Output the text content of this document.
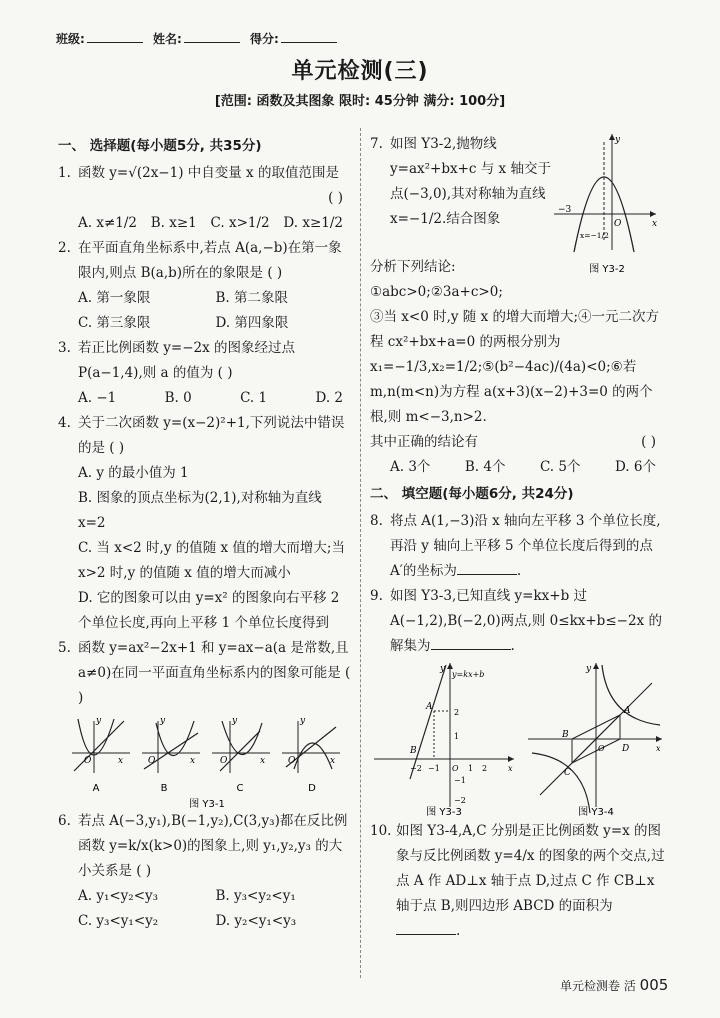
班级:	姓名:	得分:
单元检测(三)
[范围: 函数及其图象 限时: 45分钟 满分: 100分]
一、 选择题(每小题5分, 共35分)
1. 函数 y=√(2x−1) 中自变量 x 的取值范围是
( )
A. x≠1/2 B. x≥1 C. x>1/2 D. x≥1/2
2. 在平面直角坐标系中,若点 A(a,−b)在第一象限内,则点 B(a,b)所在的象限是 ( )
A. 第一象限	B. 第二象限
C. 第三象限	D. 第四象限
3. 若正比例函数 y=−2x 的图象经过点 P(a−1,4),则 a 的值为 ( )
A. −1	B. 0	C. 1	D. 2
4. 关于二次函数 y=(x−2)²+1,下列说法中错误的是 ( )
A. y 的最小值为 1
B. 图象的顶点坐标为(2,1),对称轴为直线 x=2
C. 当 x<2 时,y 的值随 x 值的增大而增大;当 x>2 时,y 的值随 x 值的增大而减小
D. 它的图象可以由 y=x² 的图象向右平移 2 个单位长度,再向上平移 1 个单位长度得到
5. 函数 y=ax²−2x+1 和 y=ax−a(a 是常数,且 a≠0)在同一平面直角坐标系内的图象可能是 ( )
x
y
O
A
x
y
O
B
x
y
O
C
x
y
O
D
图 Y3-1
6. 若点 A(−3,y₁),B(−1,y₂),C(3,y₃)都在反比例函数 y=k/x(k>0)的图象上,则 y₁,y₂,y₃ 的大小关系是 ( )
A. y₁<y₂<y₃	B. y₃<y₂<y₁
C. y₃<y₁<y₂	D. y₂<y₁<y₃
7. 如图 Y3-2,抛物线 y=ax²+bx+c 与 x 轴交于点(−3,0),其对称轴为直线 x=−1/2.结合图象	x
y
−3
O
x=−1/2
图 Y3-2
分析下列结论:
①abc>0;②3a+c>0;
③当 x<0 时,y 随 x 的增大而增大;④一元二次方程 cx²+bx+a=0 的两根分别为 x₁=−1/3,x₂=1/2;⑤(b²−4ac)/(4a)<0;⑥若 m,n(m<n)为方程 a(x+3)(x−2)+3=0 的两个根,则 m<−3,n>2.
其中正确的结论有	( )
A. 3个	B. 4个	C. 5个	D. 6个
二、 填空题(每小题6分, 共24分)
8. 将点 A(1,−3)沿 x 轴向左平移 3 个单位长度,再沿 y 轴向上平移 5 个单位长度后得到的点 A′的坐标为	.
9. 如图 Y3-3,已知直线 y=kx+b 过 A(−1,2),B(−2,0)两点,则 0≤kx+b≤−2x 的解集为	.
y=kx+b
A
B
2
1
−1
−2
−2 −1 O 1 2	x
y
图 Y3-3
A
B
C
D
O	x
y
图 Y3-4
10. 如图 Y3-4,A,C 分别是正比例函数 y=x 的图象与反比例函数 y=4/x 的图象的两个交点,过点 A 作 AD⊥x 轴于点 D,过点 C 作 CB⊥x 轴于点 B,则四边形 ABCD 的面积为.
单元检测卷 活 005
